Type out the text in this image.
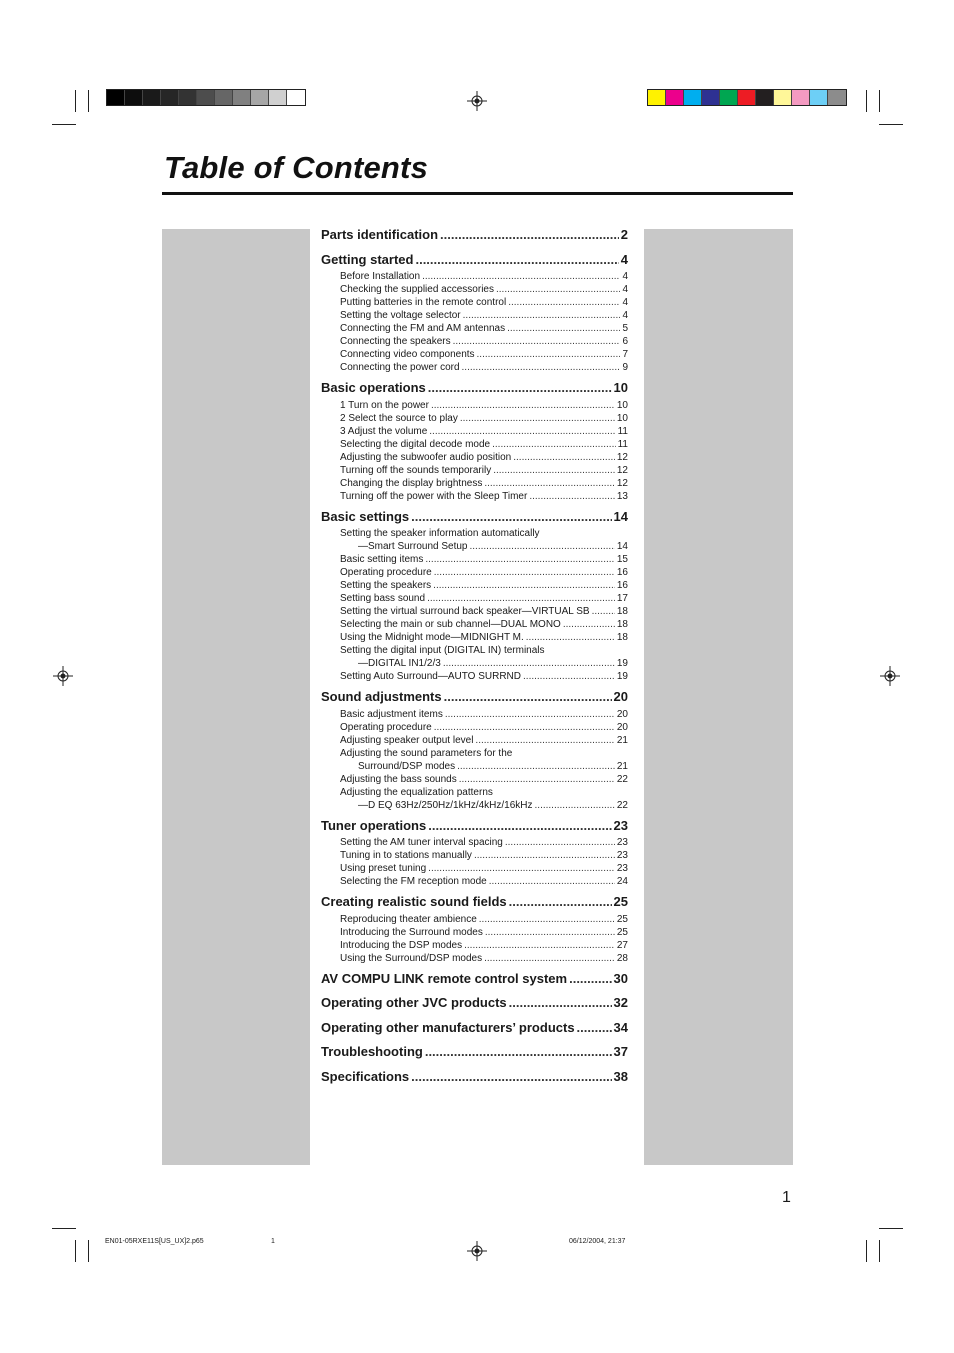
Table of Contents
Parts identification .....	2
Getting started .....	4
Before Installation .....	4
Checking the supplied accessories .....	4
Putting batteries in the remote control .....	4
Setting the voltage selector .....	4
Connecting the FM and AM antennas .....	5
Connecting the speakers .....	6
Connecting video components .....	7
Connecting the power cord .....	9
Basic operations .....	10
1 Turn on the power .....	10
2 Select the source to play .....	10
3 Adjust the volume .....	11
Selecting the digital decode mode .....	11
Adjusting the subwoofer audio position .....	12
Turning off the sounds temporarily .....	12
Changing the display brightness .....	12
Turning off the power with the Sleep Timer .....	13
Basic settings .....	14
Setting the speaker information automatically
—Smart Surround Setup .....	14
Basic setting items .....	15
Operating procedure .....	16
Setting the speakers .....	16
Setting bass sound .....	17
Setting the virtual surround back speaker—VIRTUAL SB .....	18
Selecting the main or sub channel—DUAL MONO .....	18
Using the Midnight mode—MIDNIGHT M. .....	18
Setting the digital input (DIGITAL IN) terminals
—DIGITAL IN1/2/3 .....	19
Setting Auto Surround—AUTO SURRND .....	19
Sound adjustments .....	20
Basic adjustment items .....	20
Operating procedure .....	20
Adjusting speaker output level .....	21
Adjusting the sound parameters for the
Surround/DSP modes .....	21
Adjusting the bass sounds .....	22
Adjusting the equalization patterns
—D EQ 63Hz/250Hz/1kHz/4kHz/16kHz .....	22
Tuner operations .....	23
Setting the AM tuner interval spacing .....	23
Tuning in to stations manually .....	23
Using preset tuning .....	23
Selecting the FM reception mode .....	24
Creating realistic sound fields .....	25
Reproducing theater ambience .....	25
Introducing the Surround modes .....	25
Introducing the DSP modes .....	27
Using the Surround/DSP modes .....	28
AV COMPU LINK remote control system .....	30
Operating other JVC products .....	32
Operating other manufacturers’ products .....	34
Troubleshooting .....	37
Specifications .....	38
1
EN01-05RXE11S[US_UX]2.p65	1	06/12/2004, 21:37
